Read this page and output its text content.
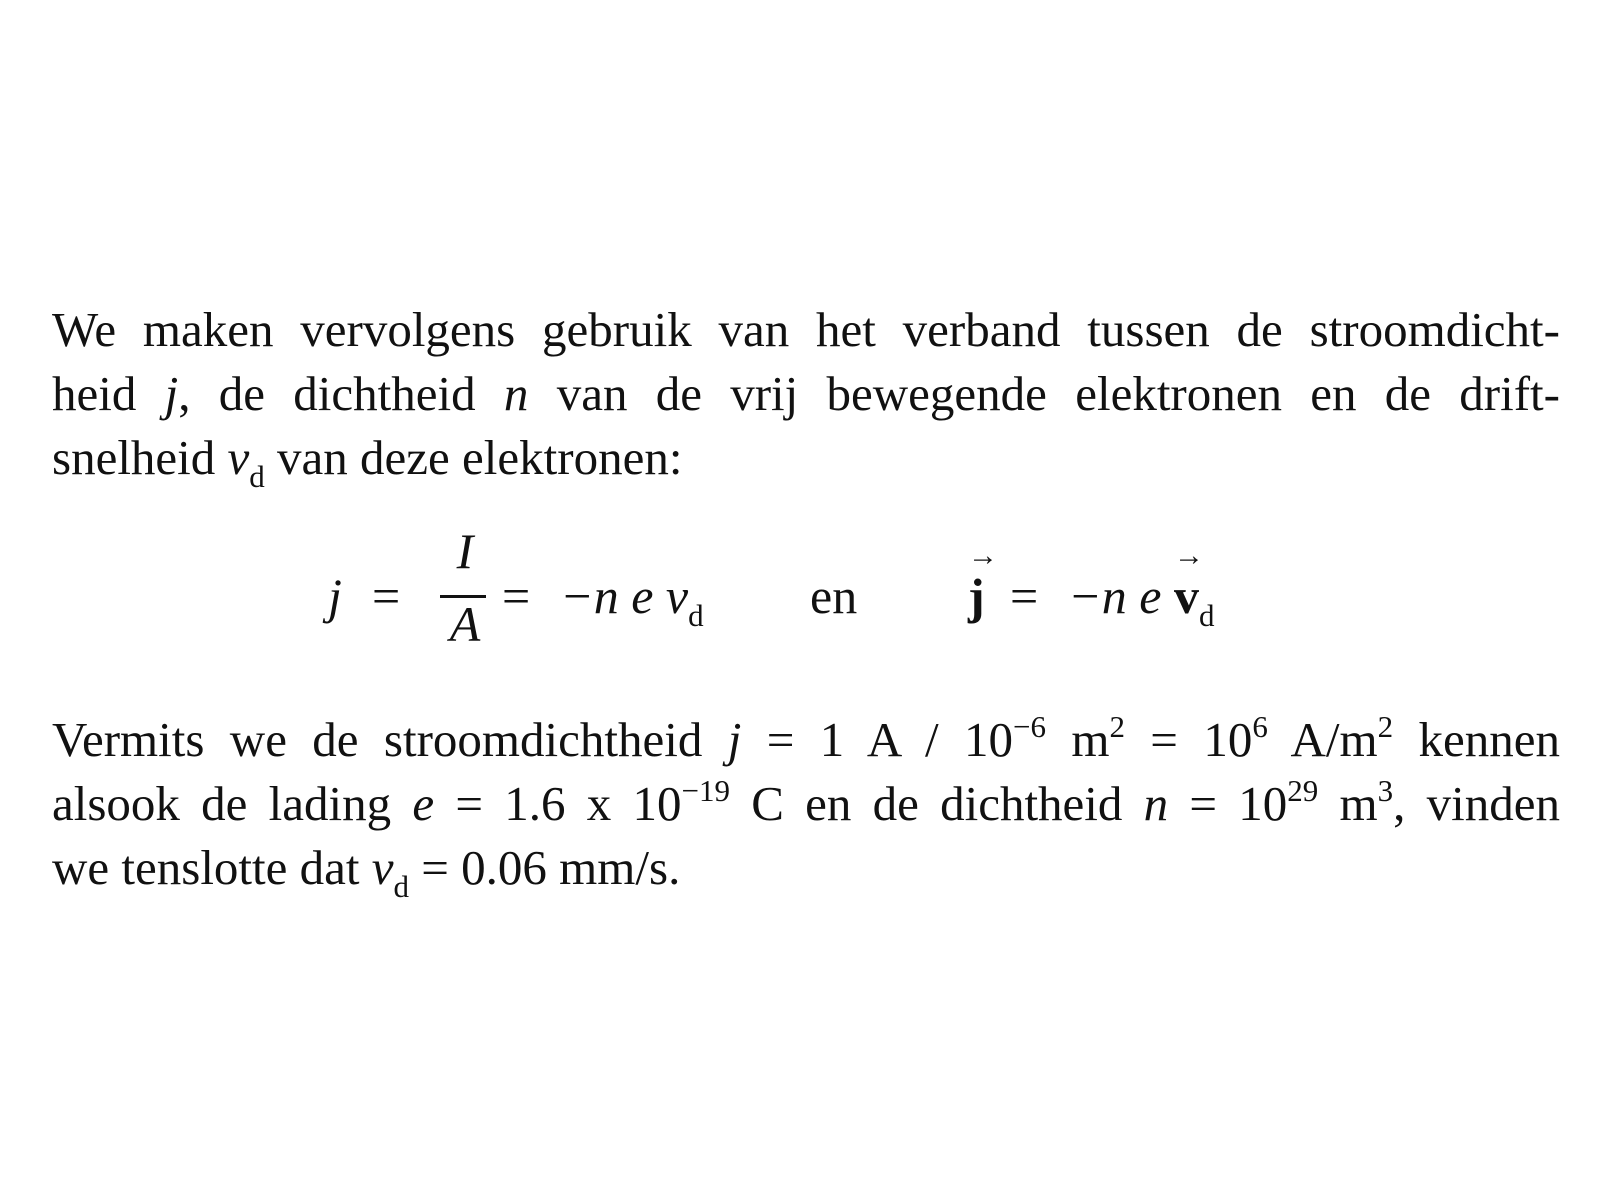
We maken vervolgens gebruik van het verband tussen de stroomdicht-
heid j, de dichtheid n van de vrij bewegende elektronen en de drift-
snelheid $v_d$ van deze elektronen:
j =
I
A = −n e $v_d$ en
→
j = −n e
→
$v_d$
Vermits we de stroomdichtheid j = 1 A / $10^{-6}$ $m^2 = 10^6$ $A/m^2$ kennen
alsook de lading e = 1.6 x $10^{-19}$ C en de dichtheid $n = 10^{29}$ $m^3$, vinden
we tenslotte dat $v_d = 0.06$ mm/s.
